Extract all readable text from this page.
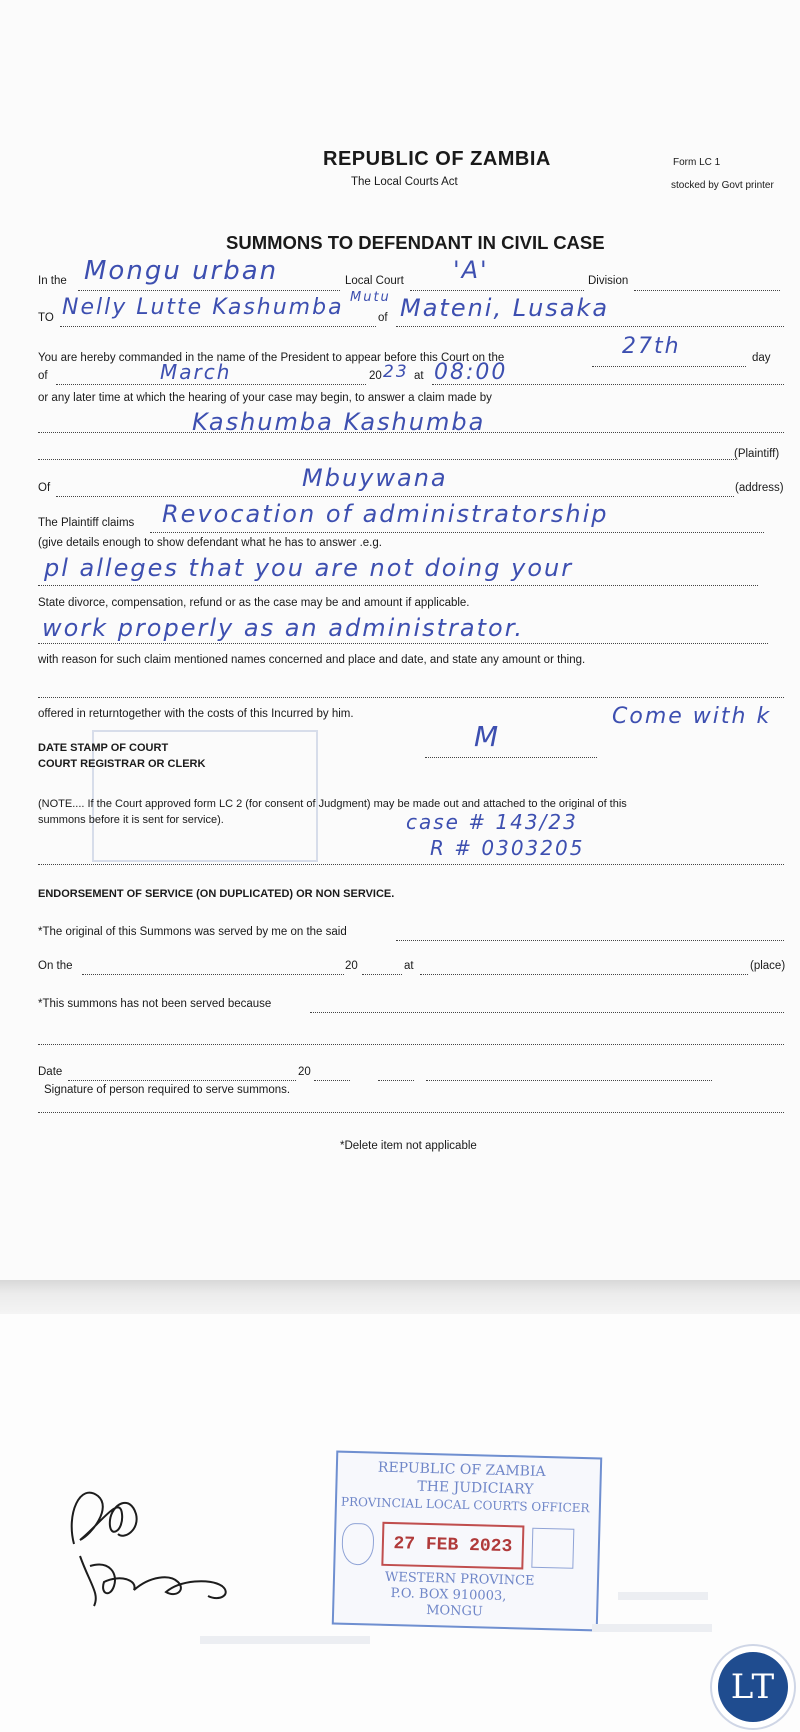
REPUBLIC OF ZAMBIA
The Local Courts Act
Form LC 1
stocked by Govt printer
SUMMONS TO DEFENDANT IN CIVIL CASE
In the Mongu urban	Local Court 'A'	Division
TO Nelly Lutte Kashumba Mutu
of Mateni, Lusaka
You are hereby commanded in the name of the President to appear before this Court on the	27th	day
of	March	20 23 at 08:00
or any later time at which the hearing of your case may begin, to answer a claim made by
Kashumba Kashumba
(Plaintiff)
Of	Mbuywana	(address)
The Plaintiff claims Revocation of administratorship
(give details enough to show defendant what he has to answer .e.g.
pl alleges that you are not doing your
State divorce, compensation, refund or as the case may be and amount if applicable.
work properly as an administrator.
with reason for such claim mentioned names concerned and place and date, and state any amount or thing.
offered in returntogether with the costs of this Incurred by him.	Come with k
DATE STAMP OF COURT
COURT REGISTRAR OR CLERK
M
(NOTE.... If the Court approved form LC 2 (for consent of Judgment) may be made out and attached to the original of this
summons before it is sent for service).	case # 143/23
R # 0303205
ENDORSEMENT OF SERVICE (ON DUPLICATED) OR NON SERVICE.
*The original of this Summons was served by me on the said
On the	20	at	(place)
*This summons has not been served because
Date	20
Signature of person required to serve summons.
*Delete item not applicable
REPUBLIC OF ZAMBIA
THE JUDICIARY
PROVINCIAL LOCAL COURTS OFFICER
27 FEB 2023
WESTERN PROVINCE
P.O. BOX 910003,
MONGU
LT
